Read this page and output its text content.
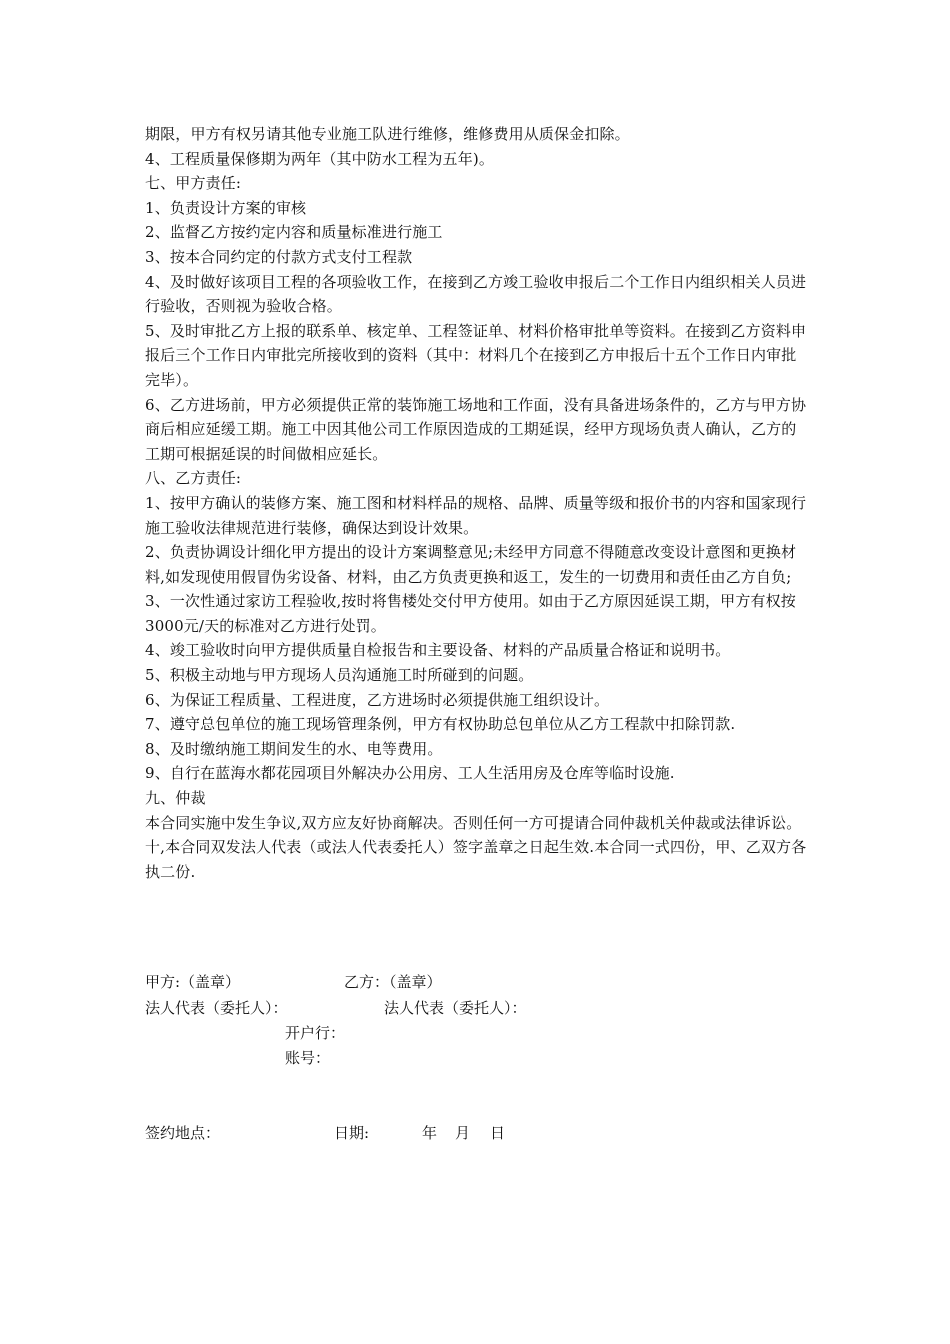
期限，甲方有权另请其他专业施工队进行维修，维修费用从质保金扣除。

4、工程质量保修期为两年（其中防水工程为五年)。

七、甲方责任:

1、负责设计方案的审核

2、监督乙方按约定内容和质量标准进行施工

3、按本合同约定的付款方式支付工程款

4、及时做好该项目工程的各项验收工作，在接到乙方竣工验收申报后二个工作日内组织相关人员进行验收，否则视为验收合格。

5、及时审批乙方上报的联系单、核定单、工程签证单、材料价格审批单等资料。在接到乙方资料申报后三个工作日内审批完所接收到的资料（其中：材料几个在接到乙方申报后十五个工作日内审批完毕）。

6、乙方进场前，甲方必须提供正常的装饰施工场地和工作面，没有具备进场条件的，乙方与甲方协商后相应延缓工期。施工中因其他公司工作原因造成的工期延误，经甲方现场负责人确认，乙方的工期可根据延误的时间做相应延长。

八、乙方责任:

1、按甲方确认的装修方案、施工图和材料样品的规格、品牌、质量等级和报价书的内容和国家现行施工验收法律规范进行装修，确保达到设计效果。

2、负责协调设计细化甲方提出的设计方案调整意见;未经甲方同意不得随意改变设计意图和更换材料,如发现使用假冒伪劣设备、材料，由乙方负责更换和返工，发生的一切费用和责任由乙方自负;

3、一次性通过家访工程验收,按时将售楼处交付甲方使用。如由于乙方原因延误工期，甲方有权按3000元/天的标准对乙方进行处罚。

4、竣工验收时向甲方提供质量自检报告和主要设备、材料的产品质量合格证和说明书。

5、积极主动地与甲方现场人员沟通施工时所碰到的问题。

6、为保证工程质量、工程进度，乙方进场时必须提供施工组织设计。

7、遵守总包单位的施工现场管理条例，甲方有权协助总包单位从乙方工程款中扣除罚款.

8、及时缴纳施工期间发生的水、电等费用。

9、自行在蓝海水都花园项目外解决办公用房、工人生活用房及仓库等临时设施.

九、仲裁

本合同实施中发生争议,双方应友好协商解决。否则任何一方可提请合同仲裁机关仲裁或法律诉讼。

十,本合同双发法人代表（或法人代表委托人）签字盖章之日起生效.本合同一式四份，甲、乙双方各执二份.

甲方:（盖章）	乙方：（盖章）
法人代表（委托人）：	法人代表（委托人）：
开户行：
账号：
签约地点：	日期:	年 月 日
